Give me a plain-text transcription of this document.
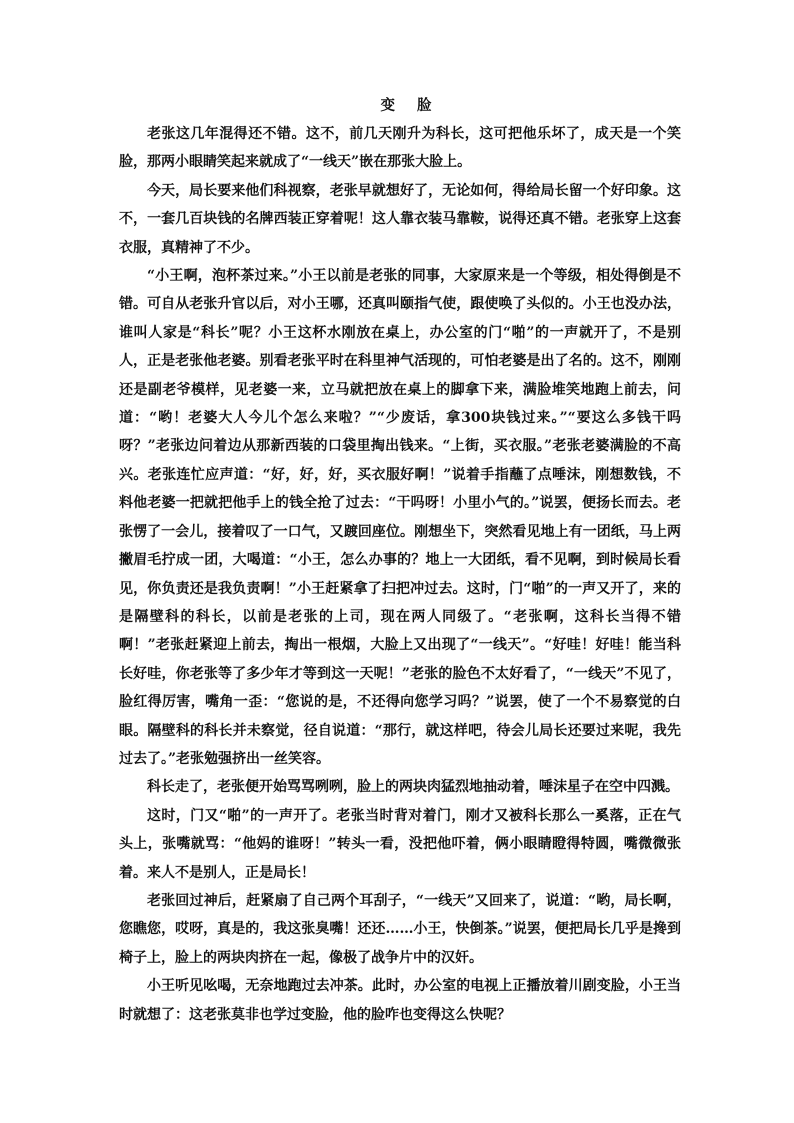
变 脸

老张这几年混得还不错。这不，前几天刚升为科长，这可把他乐坏了，成天是一个笑脸，那两小眼睛笑起来就成了“一线天”嵌在那张大脸上。

今天，局长要来他们科视察，老张早就想好了，无论如何，得给局长留一个好印象。这不，一套几百块钱的名牌西装正穿着呢！这人靠衣装马靠鞍，说得还真不错。老张穿上这套衣服，真精神了不少。

“小王啊，泡杯茶过来。”小王以前是老张的同事，大家原来是一个等级，相处得倒是不错。可自从老张升官以后，对小王哪，还真叫颐指气使，跟使唤了头似的。小王也没办法，谁叫人家是“科长”呢？小王这杯水刚放在桌上，办公室的门“啪”的一声就开了，不是别人，正是老张他老婆。别看老张平时在科里神气活现的，可怕老婆是出了名的。这不，刚刚还是副老爷模样，见老婆一来，立马就把放在桌上的脚拿下来，满脸堆笑地跑上前去，问道：“哟！老婆大人今儿个怎么来啦？”“少废话，拿300块钱过来。”“要这么多钱干吗呀？”老张边问着边从那新西装的口袋里掏出钱来。“上街，买衣服。”老张老婆满脸的不高兴。老张连忙应声道：“好，好，好，买衣服好啊！”说着手指蘸了点唾沫，刚想数钱，不料他老婆一把就把他手上的钱全抢了过去：“干吗呀！小里小气的。”说罢，便扬长而去。老张愣了一会儿，接着叹了一口气，又踱回座位。刚想坐下，突然看见地上有一团纸，马上两撇眉毛拧成一团，大喝道：“小王，怎么办事的？地上一大团纸，看不见啊，到时候局长看见，你负责还是我负责啊！”小王赶紧拿了扫把冲过去。这时，门“啪”的一声又开了，来的是隔壁科的科长，以前是老张的上司，现在两人同级了。“老张啊，这科长当得不错啊！”老张赶紧迎上前去，掏出一根烟，大脸上又出现了“一线天”。“好哇！好哇！能当科长好哇，你老张等了多少年才等到这一天呢！”老张的脸色不太好看了，“一线天”不见了，脸红得厉害，嘴角一歪：“您说的是，不还得向您学习吗？”说罢，使了一个不易察觉的白眼。隔壁科的科长并未察觉，径自说道：“那行，就这样吧，待会儿局长还要过来呢，我先过去了。”老张勉强挤出一丝笑容。

科长走了，老张便开始骂骂咧咧，脸上的两块肉猛烈地抽动着，唾沫星子在空中四溅。

这时，门又“啪”的一声开了。老张当时背对着门，刚才又被科长那么一奚落，正在气头上，张嘴就骂：“他妈的谁呀！”转头一看，没把他吓着，俩小眼睛瞪得特圆，嘴微微张着。来人不是别人，正是局长！

老张回过神后，赶紧扇了自己两个耳刮子，“一线天”又回来了，说道：“哟，局长啊，您瞧您，哎呀，真是的，我这张臭嘴！还还……小王，快倒茶。”说罢，便把局长几乎是搀到椅子上，脸上的两块肉挤在一起，像极了战争片中的汉奸。

小王听见吆喝，无奈地跑过去冲茶。此时，办公室的电视上正播放着川剧变脸，小王当时就想了：这老张莫非也学过变脸，他的脸咋也变得这么快呢？
